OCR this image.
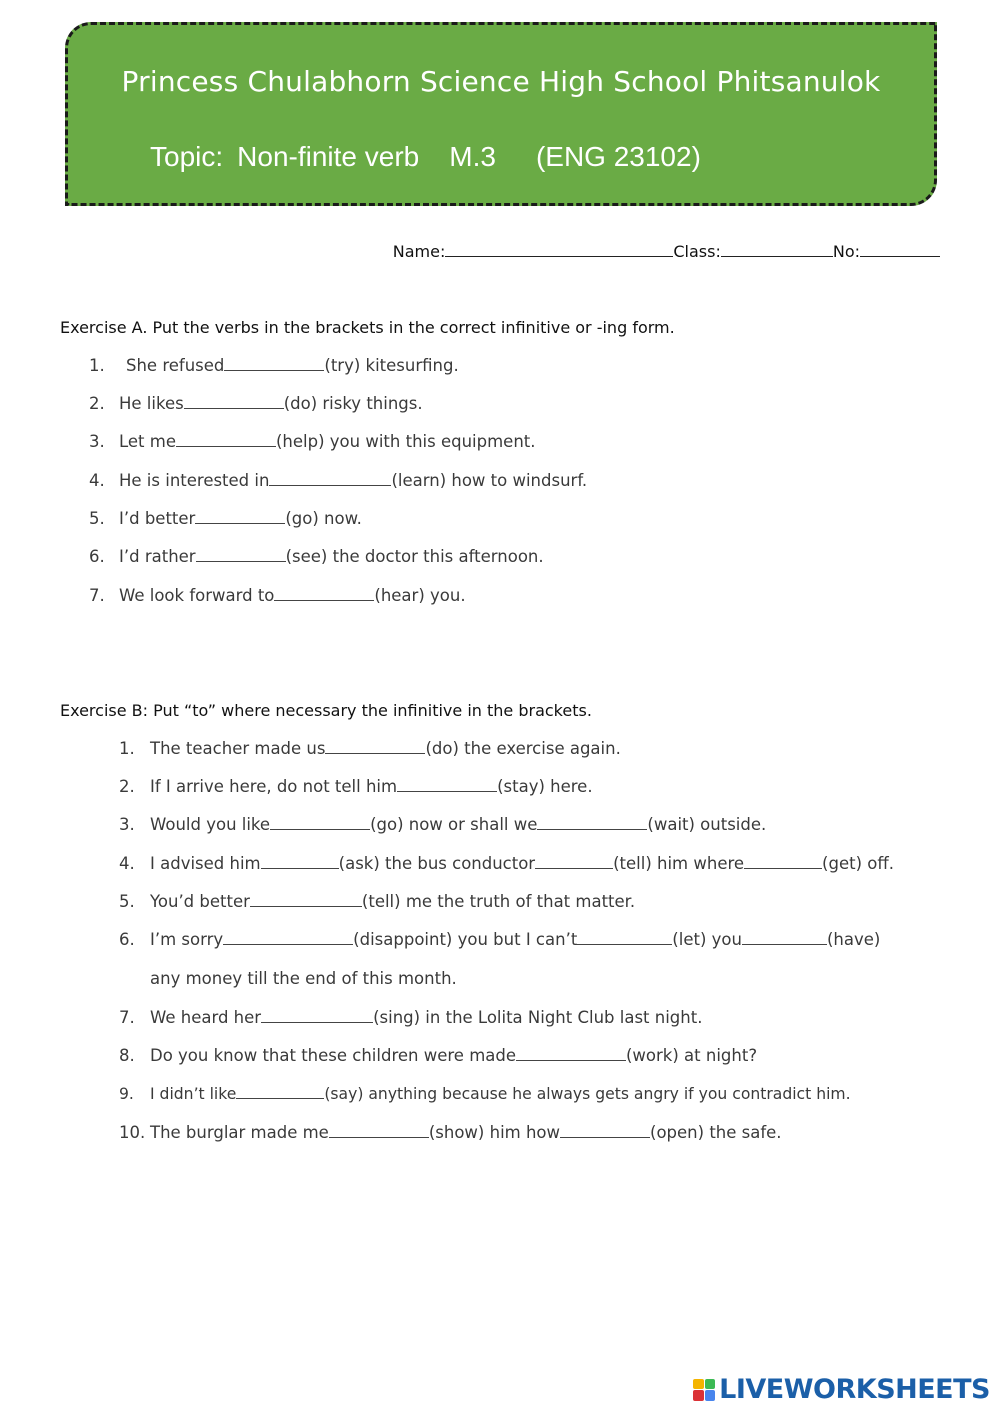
Princess Chulabhorn Science High School Phitsanulok
Topic: Non-finite verb M.3 (ENG 23102)
Name:	Class:	No:
Exercise A. Put the verbs in the brackets in the correct infinitive or -ing form.
1. She refused	(try) kitesurfing.
2. He likes	(do) risky things.
3. Let me	(help) you with this equipment.
4. He is interested in	(learn) how to windsurf.
5. I’d better	(go) now.
6. I’d rather	(see) the doctor this afternoon.
7. We look forward to	(hear) you.
Exercise B: Put “to” where necessary the infinitive in the brackets.
1. The teacher made us	(do) the exercise again.
2. If I arrive here, do not tell him	(stay) here.
3. Would you like	(go) now or shall we	(wait) outside.
4. I advised him	(ask) the bus conductor	(tell) him where	(get) off.
5. You’d better	(tell) me the truth of that matter.
6. I’m sorry	(disappoint) you but I can’t	(let) you	(have)
any money till the end of this month.
7. We heard her	(sing) in the Lolita Night Club last night.
8. Do you know that these children were made	(work) at night?
9. I didn’t like	(say) anything because he always gets angry if you contradict him.
10. The burglar made me	(show) him how	(open) the safe.
LIVEWORKSHEETS
